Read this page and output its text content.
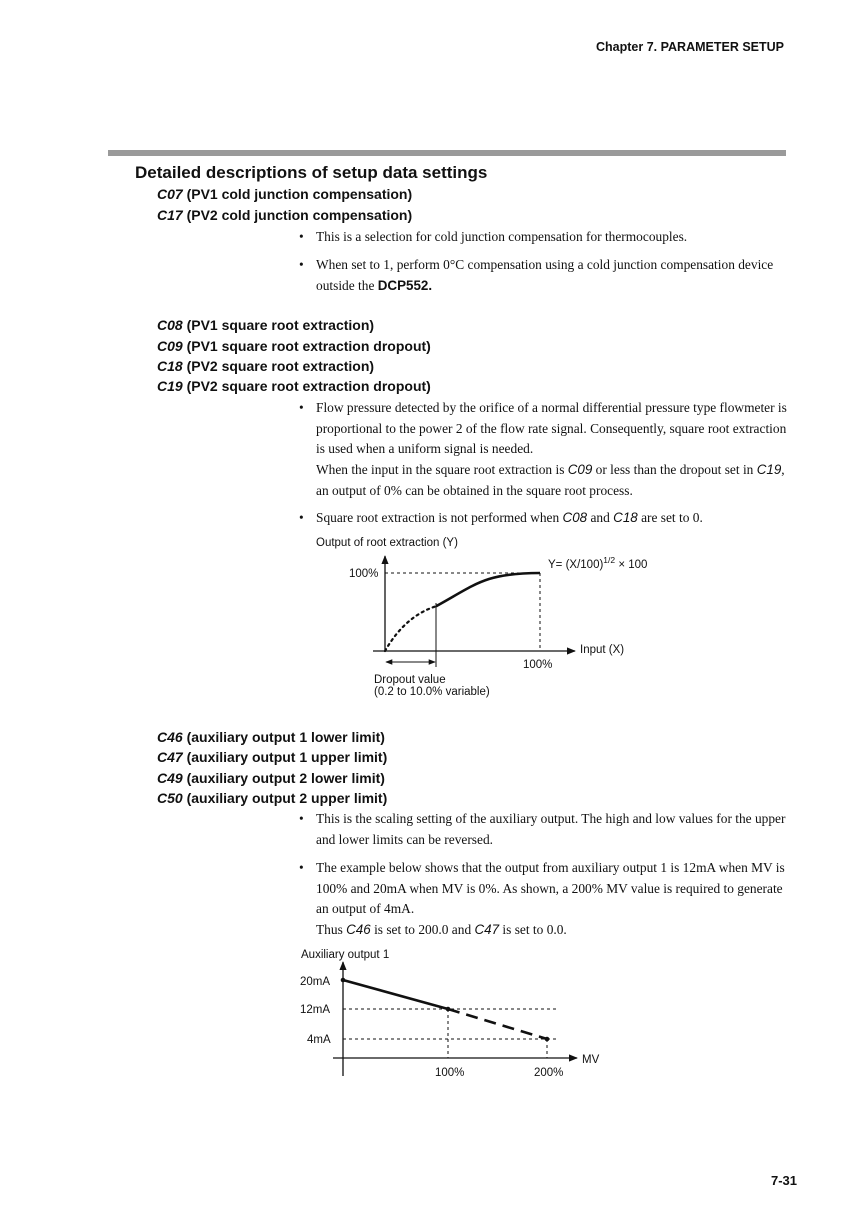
Chapter 7. PARAMETER SETUP
Detailed descriptions of setup data settings
C07 (PV1 cold junction compensation)
C17 (PV2 cold junction compensation)
• This is a selection for cold junction compensation for thermocouples.
• When set to 1, perform 0°C compensation using a cold junction compensation device outside the DCP552.
C08 (PV1 square root extraction)
C09 (PV1 square root extraction dropout)
C18 (PV2 square root extraction)
C19 (PV2 square root extraction dropout)
• Flow pressure detected by the orifice of a normal differential pressure type flowmeter is proportional to the power 2 of the flow rate signal. Consequently, square root extraction is used when a uniform signal is needed.
When the input in the square root extraction is C09 or less than the dropout set in C19, an output of 0% can be obtained in the square root process.
• Square root extraction is not performed when C08 and C18 are set to 0.
Output of root extraction (Y)
100%
$Y= (X/100)^{1/2} \times 100$
Input (X)
100%
Dropout value
(0.2 to 10.0% variable)
Auxiliary output 1
20mA
12mA
4mA
100%	200%
MV
C46 (auxiliary output 1 lower limit)
C47 (auxiliary output 1 upper limit)
C49 (auxiliary output 2 lower limit)
C50 (auxiliary output 2 upper limit)
• This is the scaling setting of the auxiliary output. The high and low values for the upper and lower limits can be reversed.
• The example below shows that the output from auxiliary output 1 is 12mA when MV is 100% and 20mA when MV is 0%. As shown, a 200% MV value is required to generate an output of 4mA.
Thus C46 is set to 200.0 and C47 is set to 0.0.
7-31
